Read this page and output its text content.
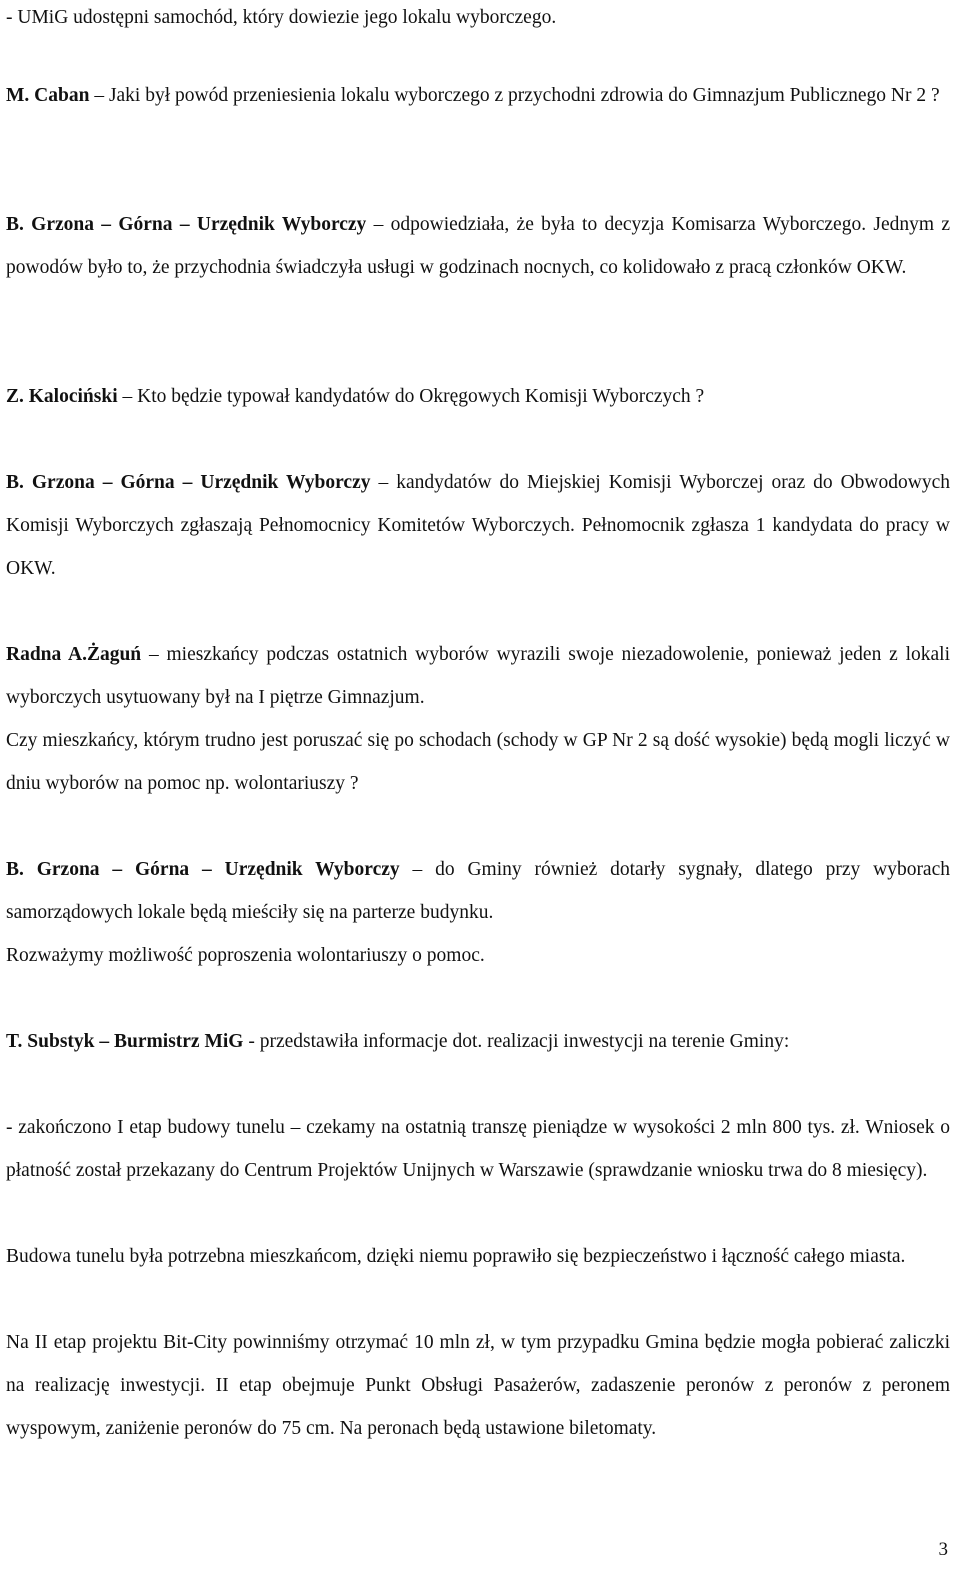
- UMiG udostępni samochód, który dowiezie jego lokalu wyborczego.

M. Caban – Jaki był powód przeniesienia lokalu wyborczego z przychodni zdrowia do Gimnazjum Publicznego Nr 2 ?

B. Grzona – Górna – Urzędnik Wyborczy – odpowiedziała, że była to decyzja Komisarza Wyborczego. Jednym z powodów było to, że przychodnia świadczyła usługi w godzinach nocnych, co kolidowało z pracą członków OKW.

Z. Kalociński – Kto będzie typował kandydatów do Okręgowych Komisji Wyborczych ?

B. Grzona – Górna – Urzędnik Wyborczy – kandydatów do Miejskiej Komisji Wyborczej oraz do Obwodowych Komisji Wyborczych zgłaszają Pełnomocnicy Komitetów Wyborczych. Pełnomocnik zgłasza 1 kandydata do pracy w OKW.

Radna A.Żaguń – mieszkańcy podczas ostatnich wyborów wyrazili swoje niezadowolenie, ponieważ jeden z lokali wyborczych usytuowany był na I piętrze Gimnazjum.

Czy mieszkańcy, którym trudno jest poruszać się po schodach (schody w GP Nr 2 są dość wysokie) będą mogli liczyć w dniu wyborów na pomoc np. wolontariuszy ?

B. Grzona – Górna – Urzędnik Wyborczy – do Gminy również dotarły sygnały, dlatego przy wyborach samorządowych lokale będą mieściły się na parterze budynku.

Rozważymy możliwość poproszenia wolontariuszy o pomoc.

T. Substyk – Burmistrz MiG - przedstawiła informacje dot. realizacji inwestycji na terenie Gminy:

- zakończono I etap budowy tunelu – czekamy na ostatnią transzę pieniądze w wysokości 2 mln 800 tys. zł. Wniosek o płatność został przekazany do Centrum Projektów Unijnych w Warszawie (sprawdzanie wniosku trwa do 8 miesięcy).

Budowa tunelu była potrzebna mieszkańcom, dzięki niemu poprawiło się bezpieczeństwo i łączność całego miasta.

Na II etap projektu Bit-City powinniśmy otrzymać 10 mln zł, w tym przypadku Gmina będzie mogła pobierać zaliczki na realizację inwestycji. II etap obejmuje Punkt Obsługi Pasażerów, zadaszenie peronów z peronów z peronem wyspowym, zaniżenie peronów do 75 cm. Na peronach będą ustawione biletomaty.

3
